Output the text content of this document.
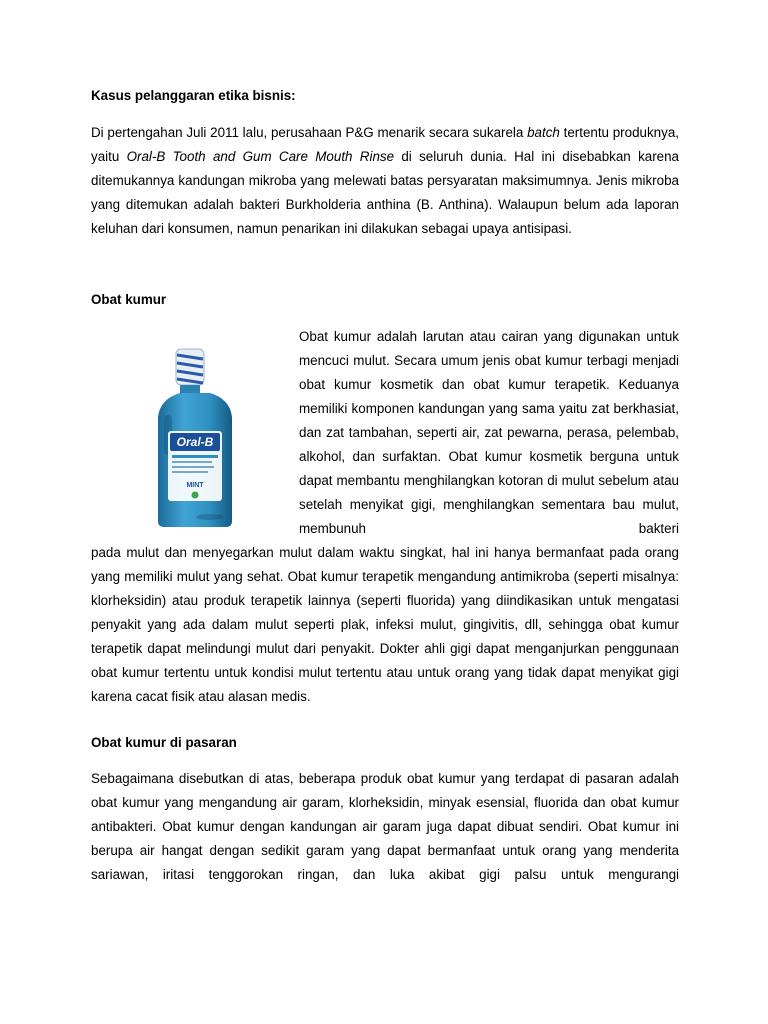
Kasus pelanggaran etika bisnis:

Di pertengahan Juli 2011 lalu, perusahaan P&G menarik secara sukarela batch tertentu produknya, yaitu Oral-B Tooth and Gum Care Mouth Rinse di seluruh dunia. Hal ini disebabkan karena ditemukannya kandungan mikroba yang melewati batas persyaratan maksimumnya. Jenis mikroba yang ditemukan adalah bakteri Burkholderia anthina (B. Anthina). Walaupun belum ada laporan keluhan dari konsumen, namun penarikan ini dilakukan sebagai upaya antisipasi.

Obat kumur

Oral-B
MINT

Obat kumur adalah larutan atau cairan yang digunakan untuk mencuci mulut. Secara umum jenis obat kumur terbagi menjadi obat kumur kosmetik dan obat kumur terapetik. Keduanya memiliki komponen kandungan yang sama yaitu zat berkhasiat, dan zat tambahan, seperti air, zat pewarna, perasa, pelembab, alkohol, dan surfaktan. Obat kumur kosmetik berguna untuk dapat membantu menghilangkan kotoran di mulut sebelum atau setelah menyikat gigi, menghilangkan sementara bau mulut, membunuh bakteri

pada mulut dan menyegarkan mulut dalam waktu singkat, hal ini hanya bermanfaat pada orang yang memiliki mulut yang sehat. Obat kumur terapetik mengandung antimikroba (seperti misalnya: klorheksidin) atau produk terapetik lainnya (seperti fluorida) yang diindikasikan untuk mengatasi penyakit yang ada dalam mulut seperti plak, infeksi mulut, gingivitis, dll, sehingga obat kumur terapetik dapat melindungi mulut dari penyakit. Dokter ahli gigi dapat menganjurkan penggunaan obat kumur tertentu untuk kondisi mulut tertentu atau untuk orang yang tidak dapat menyikat gigi karena cacat fisik atau alasan medis.

Obat kumur di pasaran

Sebagaimana disebutkan di atas, beberapa produk obat kumur yang terdapat di pasaran adalah obat kumur yang mengandung air garam, klorheksidin, minyak esensial, fluorida dan obat kumur antibakteri. Obat kumur dengan kandungan air garam juga dapat dibuat sendiri. Obat kumur ini berupa air hangat dengan sedikit garam yang dapat bermanfaat untuk orang yang menderita sariawan, iritasi tenggorokan ringan, dan luka akibat gigi palsu untuk mengurangi
